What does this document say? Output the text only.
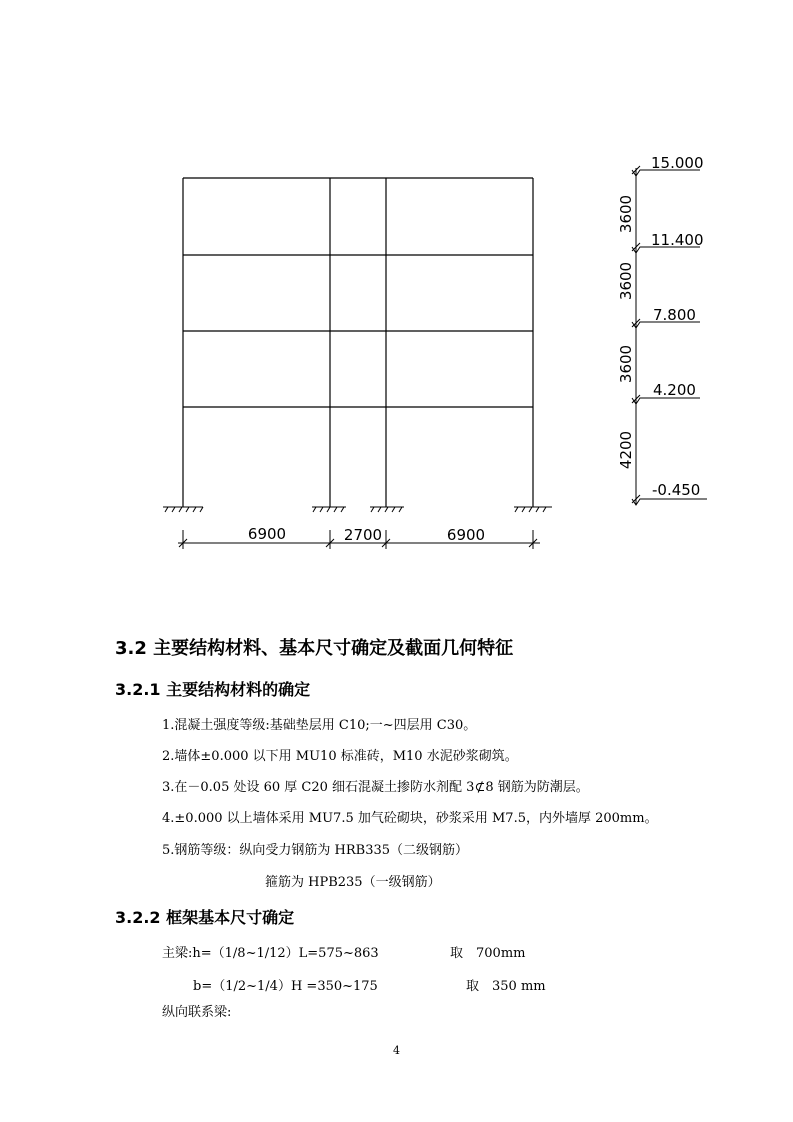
15.000
11.400
7.800
4.200
-0.450
3600
3600
3600
4200
6900	2700	6900
3.2 主要结构材料、基本尺寸确定及截面几何特征
3.2.1 主要结构材料的确定
1.混凝土强度等级:基础垫层用 C10;一~四层用 C30。
2.墙体±0.000 以下用 MU10 标准砖，M10 水泥砂浆砌筑。
3.在－0.05 处设 60 厚 C20 细石混凝土掺防水剂配 3⊄8 钢筋为防潮层。
4.±0.000 以上墙体采用 MU7.5 加气砼砌块，砂浆采用 M7.5，内外墙厚 200mm。
5.钢筋等级：纵向受力钢筋为 HRB335（二级钢筋）
箍筋为 HPB235（一级钢筋）
3.2.2 框架基本尺寸确定
主梁:h=（1/8~1/12）L=575~863	取　700mm
b=（1/2~1/4）H =350~175	取　350 mm
纵向联系梁:
4
